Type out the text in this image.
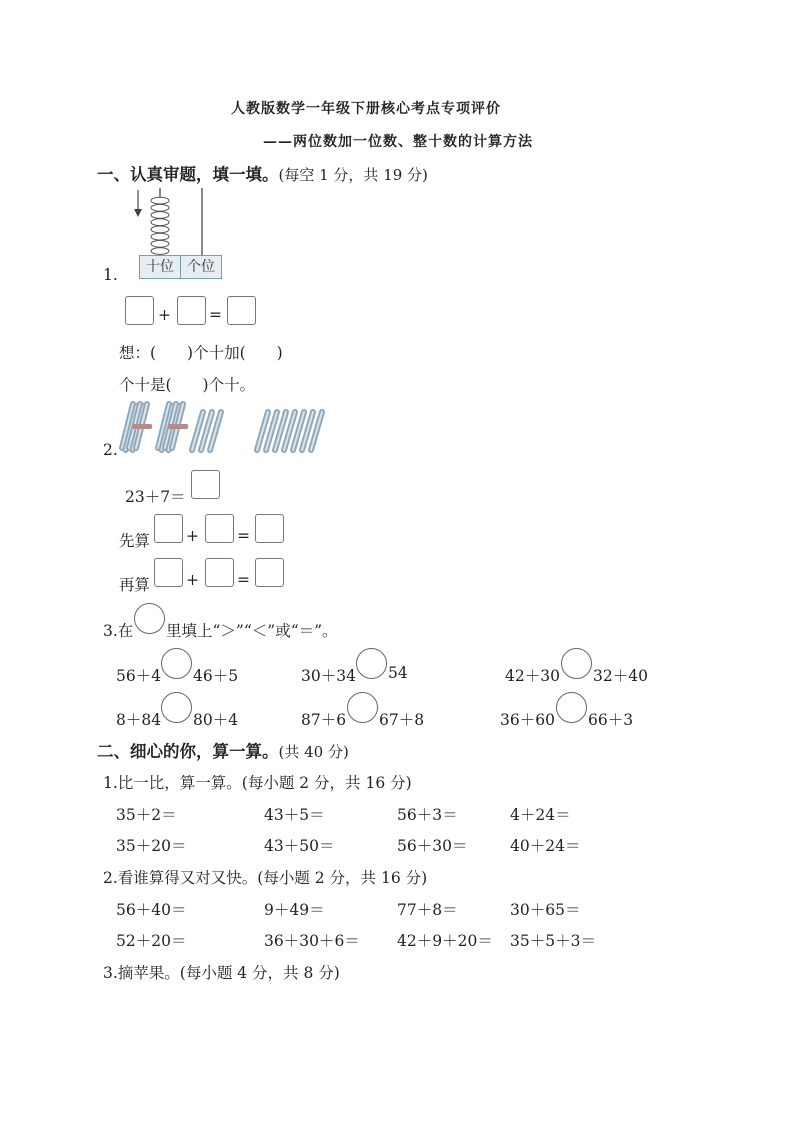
人教版数学一年级下册核心考点专项评价
——两位数加一位数、整十数的计算方法
一、认真审题，填一填。(每空 1 分，共 19 分)
十位 个位
1.
+ =
想：(　　)个十加(　　)
个十是(　　)个十。
2.
23＋7＝
先算 + =
再算 + =
3.在 里填上“＞”“＜”或“＝”。
56＋4 46＋5	30＋34 54	42＋30 32＋40
8＋84 80＋4	87＋6 67＋8	36＋60 66＋3
二、细心的你，算一算。(共 40 分)
1.比一比，算一算。(每小题 2 分，共 16 分)
35＋2＝	43＋5＝	56＋3＝	4＋24＝
35＋20＝	43＋50＝	56＋30＝	40＋24＝
2.看谁算得又对又快。(每小题 2 分，共 16 分)
56＋40＝	9＋49＝	77＋8＝	30＋65＝
52＋20＝	36＋30＋6＝ 42＋9＋20＝ 35＋5＋3＝
3.摘苹果。(每小题 4 分，共 8 分)
